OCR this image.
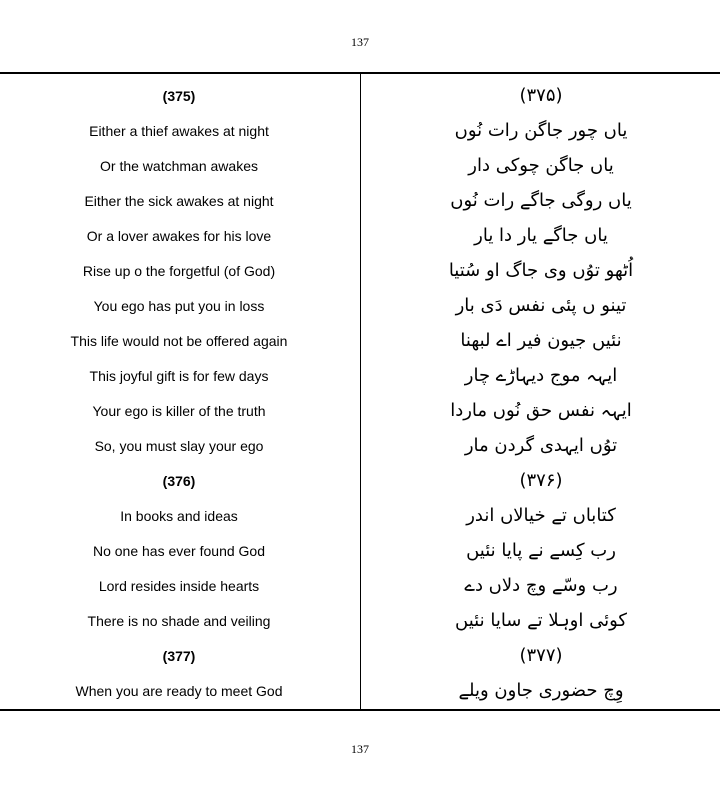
137
(375)
Either a thief awakes at night
Or the watchman awakes
Either the sick awakes at night
Or a lover awakes for his love
Rise up o the forgetful (of God)
You ego has put you in loss
This life would not be offered again
This joyful gift is for few days
Your ego is killer of the truth
So, you must slay your ego
(376)
In books and ideas
No one has ever found God
Lord resides inside hearts
There is no shade and veiling
(377)
When you are ready to meet God
(۳۷۵)
یاں چور جاگن رات نُوں
یاں جاگن چوکی دار
یاں روگی جاگے رات نُوں
یاں جاگے یار دا یار
اُٹھو توُں وی جاگ او سُتیا
تینو ں پئی نفس دَی بار
نئیں جیون فیر اے لبھنا
ایہہ موج دیہاڑے چار
ایہہ نفس حق نُوں ماردا
توُں ایہدی گردن مار
(۳۷۶)
کتاباں تے خیالاں اندر
رب کِسے نے پایا نئیں
رب وسّے وچ دلاں دے
کوئی اوہلا تے سایا نئیں
(۳۷۷)
وِچ حضوری جاون ویلے
137
